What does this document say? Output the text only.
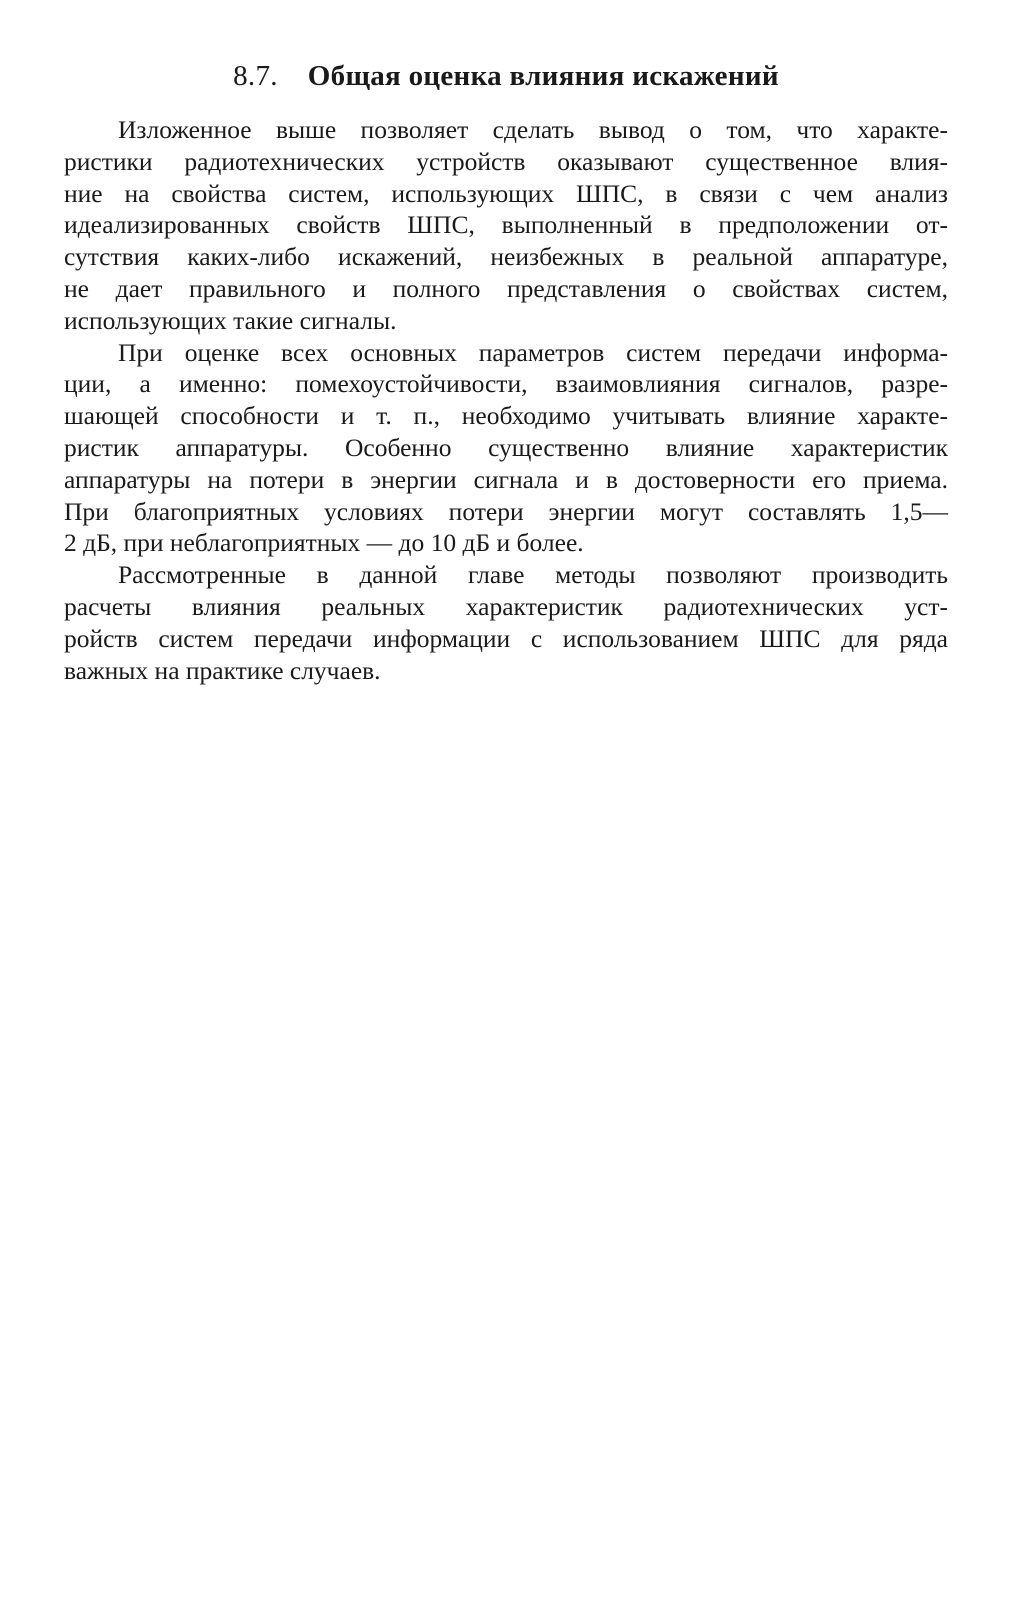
8.7. Общая оценка влияния искажений
Изложенное выше позволяет сделать вывод о том, что характе-
ристики радиотехнических устройств оказывают существенное влия-
ние на свойства систем, использующих ШПС, в связи с чем анализ
идеализированных свойств ШПС, выполненный в предположении от-
сутствия каких-либо искажений, неизбежных в реальной аппаратуре,
не дает правильного и полного представления о свойствах систем,
использующих такие сигналы.
При оценке всех основных параметров систем передачи информа-
ции, а именно: помехоустойчивости, взаимовлияния сигналов, разре-
шающей способности и т. п., необходимо учитывать влияние характе-
ристик аппаратуры. Особенно существенно влияние характеристик
аппаратуры на потери в энергии сигнала и в достоверности его приема.
При благоприятных условиях потери энергии могут составлять 1,5—
2 дБ, при неблагоприятных — до 10 дБ и более.
Рассмотренные в данной главе методы позволяют производить
расчеты влияния реальных характеристик радиотехнических уст-
ройств систем передачи информации с использованием ШПС для ряда
важных на практике случаев.
